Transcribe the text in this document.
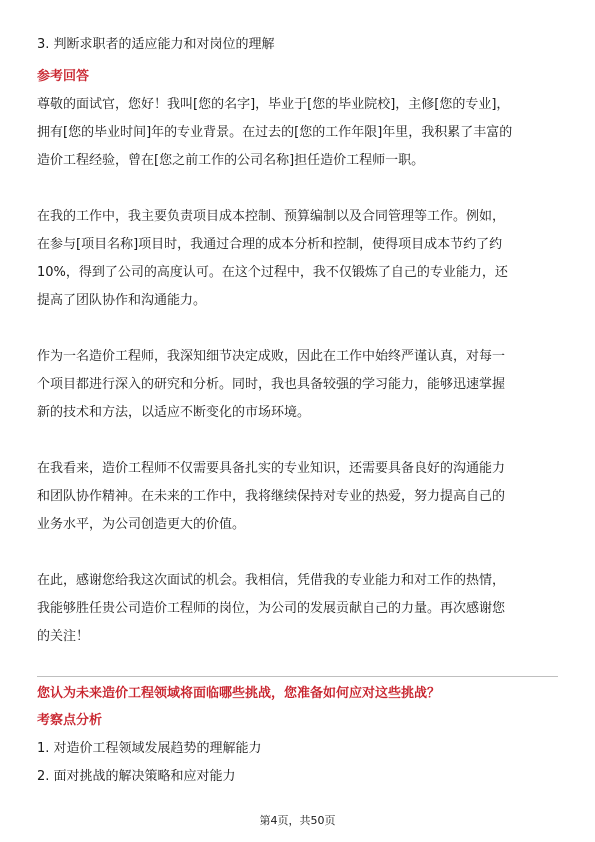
3. 判断求职者的适应能力和对岗位的理解
参考回答
尊敬的面试官，您好！我叫[您的名字]，毕业于[您的毕业院校]，主修[您的专业]，
拥有[您的毕业时间]年的专业背景。在过去的[您的工作年限]年里，我积累了丰富的
造价工程经验，曾在[您之前工作的公司名称]担任造价工程师一职。
在我的工作中，我主要负责项目成本控制、预算编制以及合同管理等工作。例如，
在参与[项目名称]项目时，我通过合理的成本分析和控制，使得项目成本节约了约
10%，得到了公司的高度认可。在这个过程中，我不仅锻炼了自己的专业能力，还
提高了团队协作和沟通能力。
作为一名造价工程师，我深知细节决定成败，因此在工作中始终严谨认真，对每一
个项目都进行深入的研究和分析。同时，我也具备较强的学习能力，能够迅速掌握
新的技术和方法，以适应不断变化的市场环境。
在我看来，造价工程师不仅需要具备扎实的专业知识，还需要具备良好的沟通能力
和团队协作精神。在未来的工作中，我将继续保持对专业的热爱，努力提高自己的
业务水平，为公司创造更大的价值。
在此，感谢您给我这次面试的机会。我相信，凭借我的专业能力和对工作的热情，
我能够胜任贵公司造价工程师的岗位，为公司的发展贡献自己的力量。再次感谢您
的关注！
您认为未来造价工程领域将面临哪些挑战，您准备如何应对这些挑战？
考察点分析
1. 对造价工程领域发展趋势的理解能力
2. 面对挑战的解决策略和应对能力
第4页，共50页
